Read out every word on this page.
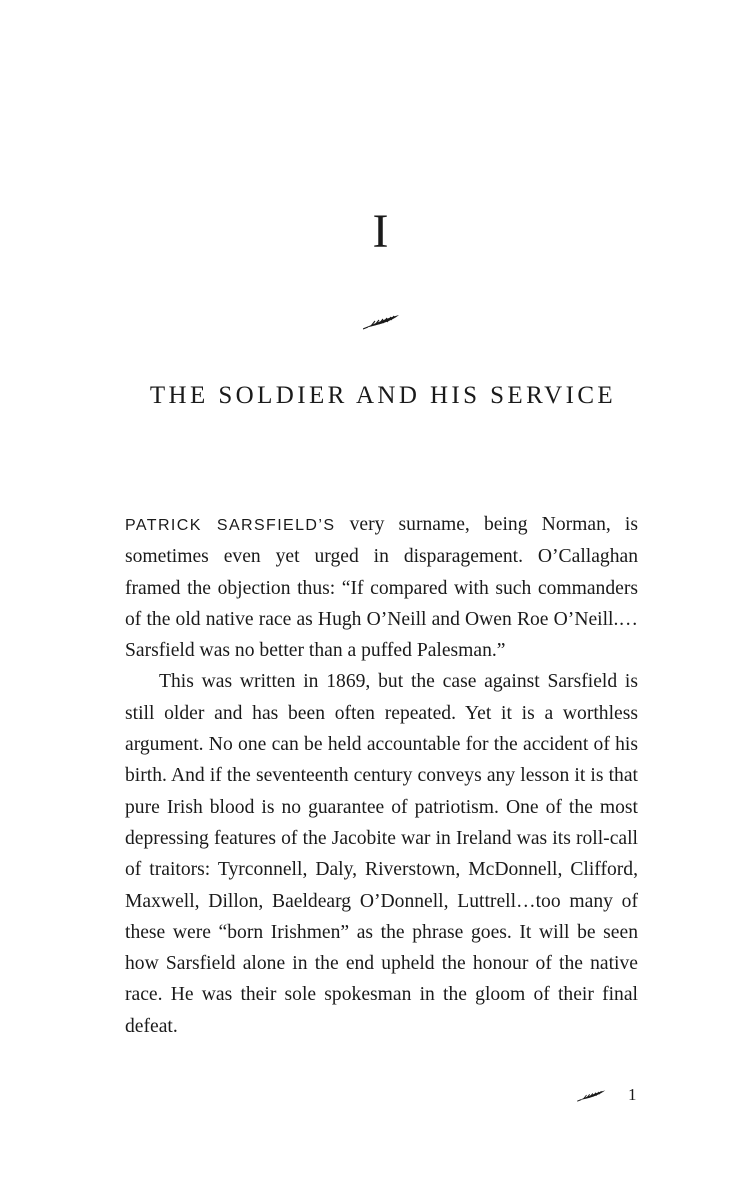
I
THE SOLDIER AND HIS SERVICE

PATRICK SARSFIELD’S very surname, being Norman, is sometimes even yet urged in disparagement. O’Callaghan framed the objection thus: “If compared with such commanders of the old native race as Hugh O’Neill and Owen Roe O’Neill.… Sarsfield was no better than a puffed Palesman.”

This was written in 1869, but the case against Sarsfield is still older and has been often repeated. Yet it is a worthless argument. No one can be held accountable for the accident of his birth. And if the seventeenth century conveys any lesson it is that pure Irish blood is no guarantee of patriotism. One of the most depressing features of the Jacobite war in Ireland was its roll-call of traitors: Tyrconnell, Daly, Riverstown, McDonnell, Clifford, Maxwell, Dillon, Baeldearg O’Donnell, Luttrell…too many of these were “born Irishmen” as the phrase goes. It will be seen how Sarsfield alone in the end upheld the honour of the native race. He was their sole spokesman in the gloom of their final defeat.

1
